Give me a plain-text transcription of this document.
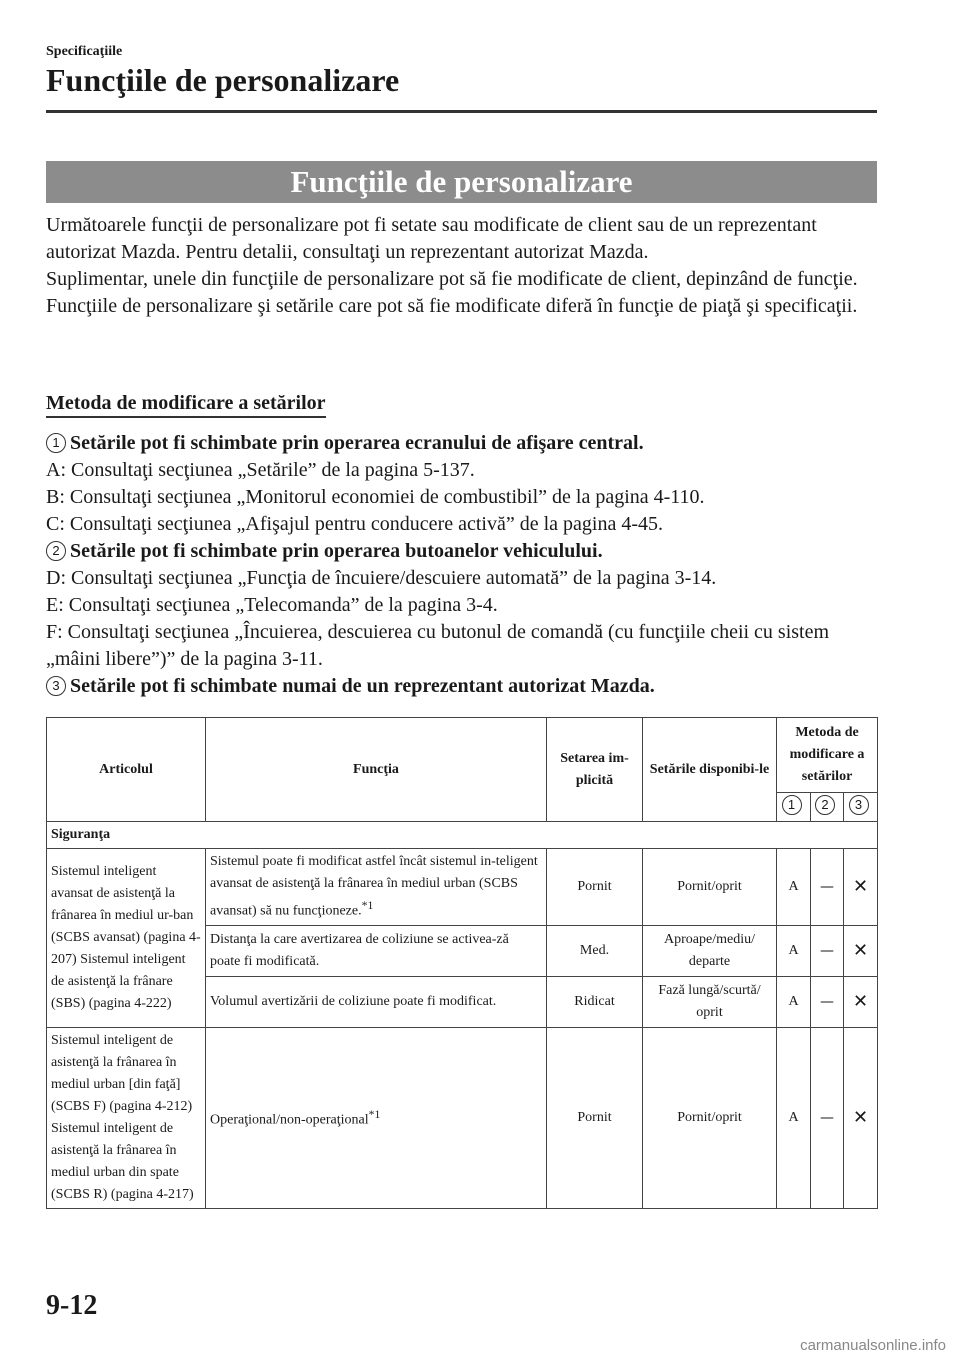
Specificaţiile
Funcţiile de personalizare
Funcţiile de personalizare

Următoarele funcţii de personalizare pot fi setate sau modificate de client sau de un reprezentant autorizat Mazda. Pentru detalii, consultaţi un reprezentant autorizat Mazda.

Suplimentar, unele din funcţiile de personalizare pot să fie modificate de client, depinzând de funcţie.

Funcţiile de personalizare şi setările care pot să fie modificate diferă în funcţie de piaţă şi specificaţii.

Metoda de modificare a setărilor

1 Setările pot fi schimbate prin operarea ecranului de afişare central.

A: Consultaţi secţiunea „Setările” de la pagina 5-137.

B: Consultaţi secţiunea „Monitorul economiei de combustibil” de la pagina 4-110.

C: Consultaţi secţiunea „Afişajul pentru conducere activă” de la pagina 4-45.

2 Setările pot fi schimbate prin operarea butoanelor vehiculului.

D: Consultaţi secţiunea „Funcţia de încuiere/descuiere automată” de la pagina 3-14.

E: Consultaţi secţiunea „Telecomanda” de la pagina 3-4.

F: Consultaţi secţiunea „Încuierea, descuierea cu butonul de comandă (cu funcţiile cheii cu sistem „mâini libere”)” de la pagina 3-11.

3 Setările pot fi schimbate numai de un reprezentant autorizat Mazda.

Articolul	Funcţia	Setarea im-plicită	Setările disponibi-le	Metoda de modificare a setărilor		
				1	2	3
Siguranţa						
Sistemul inteligent avansat de asistenţă la frânarea în mediul ur-ban (SCBS avansat) (pagina 4-207) Sistemul inteligent de asistenţă la frânare (SBS) (pagina 4-222)	Sistemul poate fi modificat astfel încât sistemul in-teligent avansat de asistenţă la frânarea în mediul urban (SCBS avansat) să nu funcţioneze.$^{*1}$	Pornit	Pornit/oprit	A	—	✕
	Distanţa la care avertizarea de coliziune se activea-ză poate fi modificată.	Med.	Aproape/mediu/ departe	A	—	✕
	Volumul avertizării de coliziune poate fi modificat.	Ridicat	Fază lungă/scurtă/ oprit	A	—	✕
Sistemul inteligent de asistenţă la frânarea în mediul urban [din faţă] (SCBS F) (pagina 4-212) Sistemul inteligent de asistenţă la frânarea în mediul urban din spate (SCBS R) (pagina 4-217)	Operaţional/non-operaţional$^{*1}$	Pornit	Pornit/oprit	A	—	✕
9-12
carmanualsonline.info
